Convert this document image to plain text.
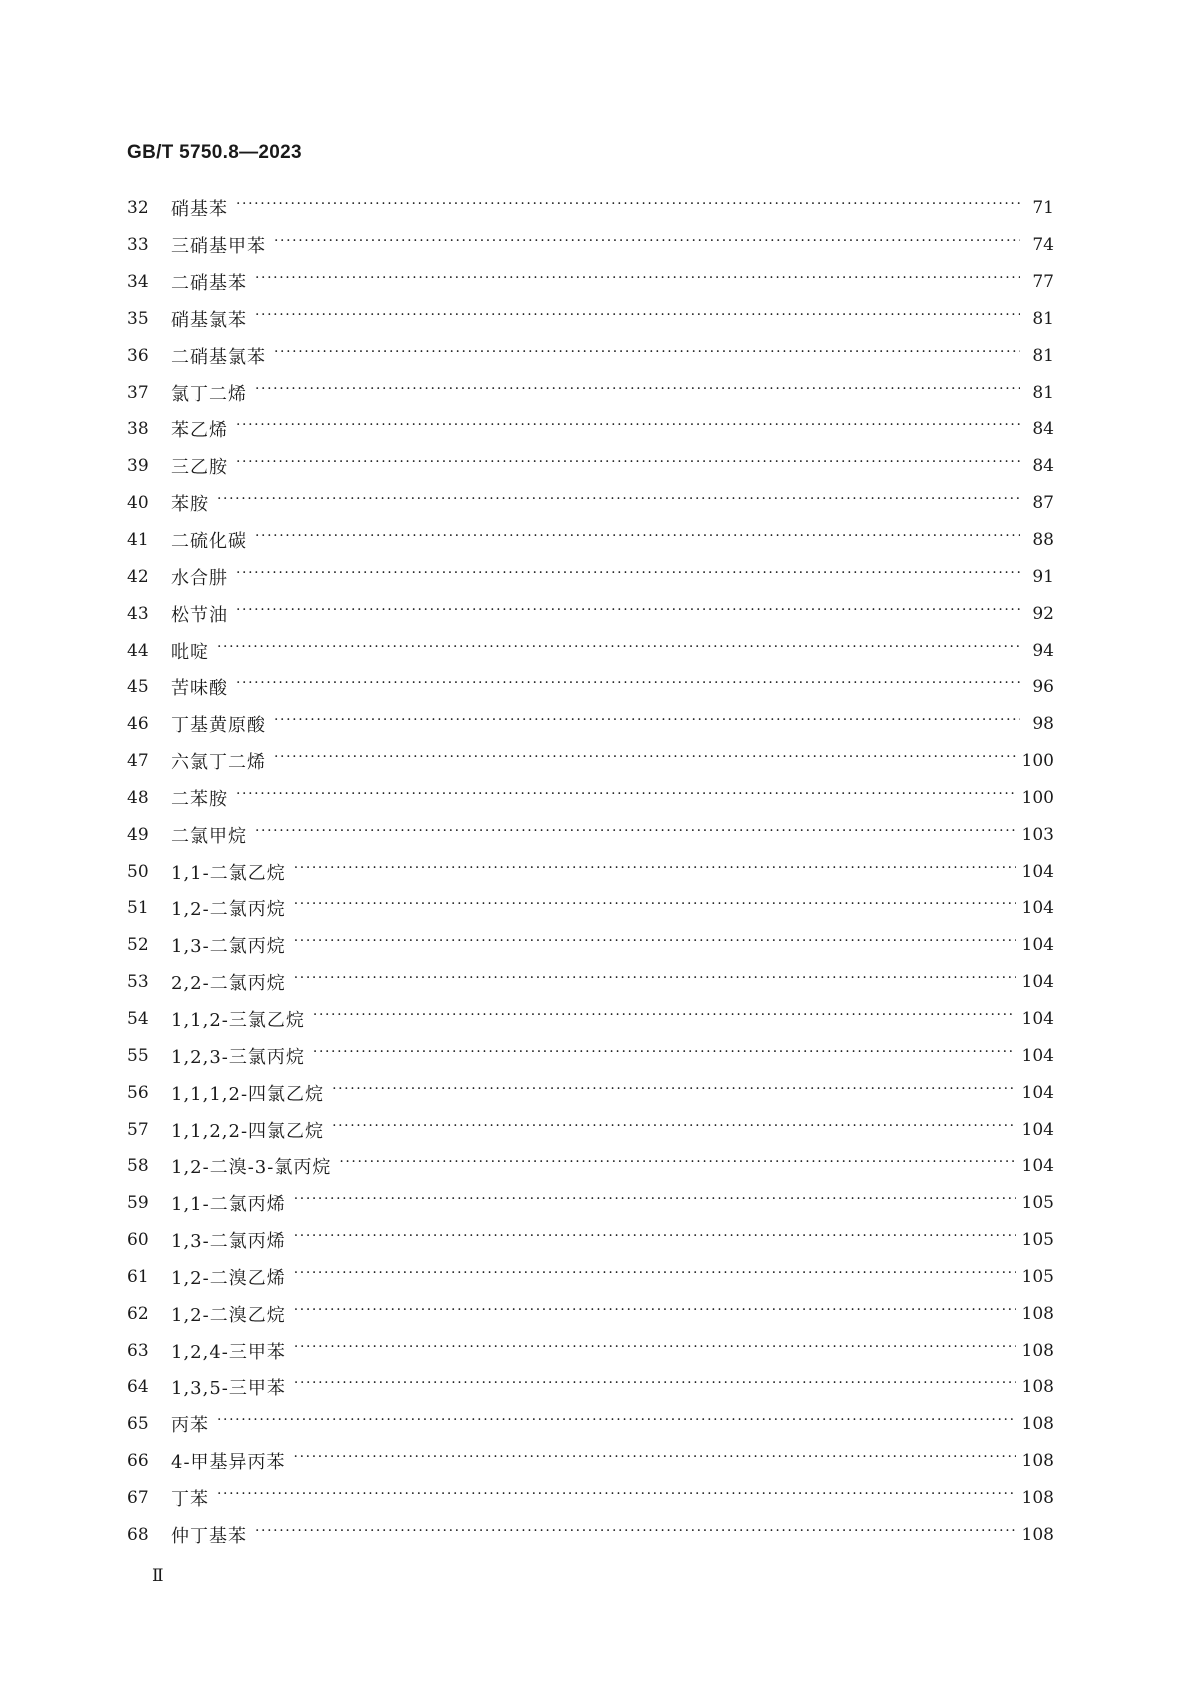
GB/T 5750.8—2023
32	硝基苯 ·····	71
33	三硝基甲苯 ·····	74
34	二硝基苯 ·····	77
35	硝基氯苯 ·····	81
36	二硝基氯苯 ·····	81
37	氯丁二烯 ·····	81
38	苯乙烯 ·····	84
39	三乙胺 ·····	84
40	苯胺 ·····	87
41	二硫化碳 ·····	88
42	水合肼 ·····	91
43	松节油 ·····	92
44	吡啶 ·····	94
45	苦味酸 ·····	96
46	丁基黄原酸 ·····	98
47	六氯丁二烯 ·····	100
48	二苯胺 ·····	100
49	二氯甲烷 ·····	103
50	1,1-二氯乙烷 ·····	104
51	1,2-二氯丙烷 ·····	104
52	1,3-二氯丙烷 ·····	104
53	2,2-二氯丙烷 ·····	104
54	1,1,2-三氯乙烷 ·····	104
55	1,2,3-三氯丙烷 ·····	104
56	1,1,1,2-四氯乙烷 ·····	104
57	1,1,2,2-四氯乙烷 ·····	104
58	1,2-二溴-3-氯丙烷 ·····	104
59	1,1-二氯丙烯 ·····	105
60	1,3-二氯丙烯 ·····	105
61	1,2-二溴乙烯 ·····	105
62	1,2-二溴乙烷 ·····	108
63	1,2,4-三甲苯 ·····	108
64	1,3,5-三甲苯 ·····	108
65	丙苯 ·····	108
66	4-甲基异丙苯 ·····	108
67	丁苯 ·····	108
68	仲丁基苯 ·····	108
Ⅱ
